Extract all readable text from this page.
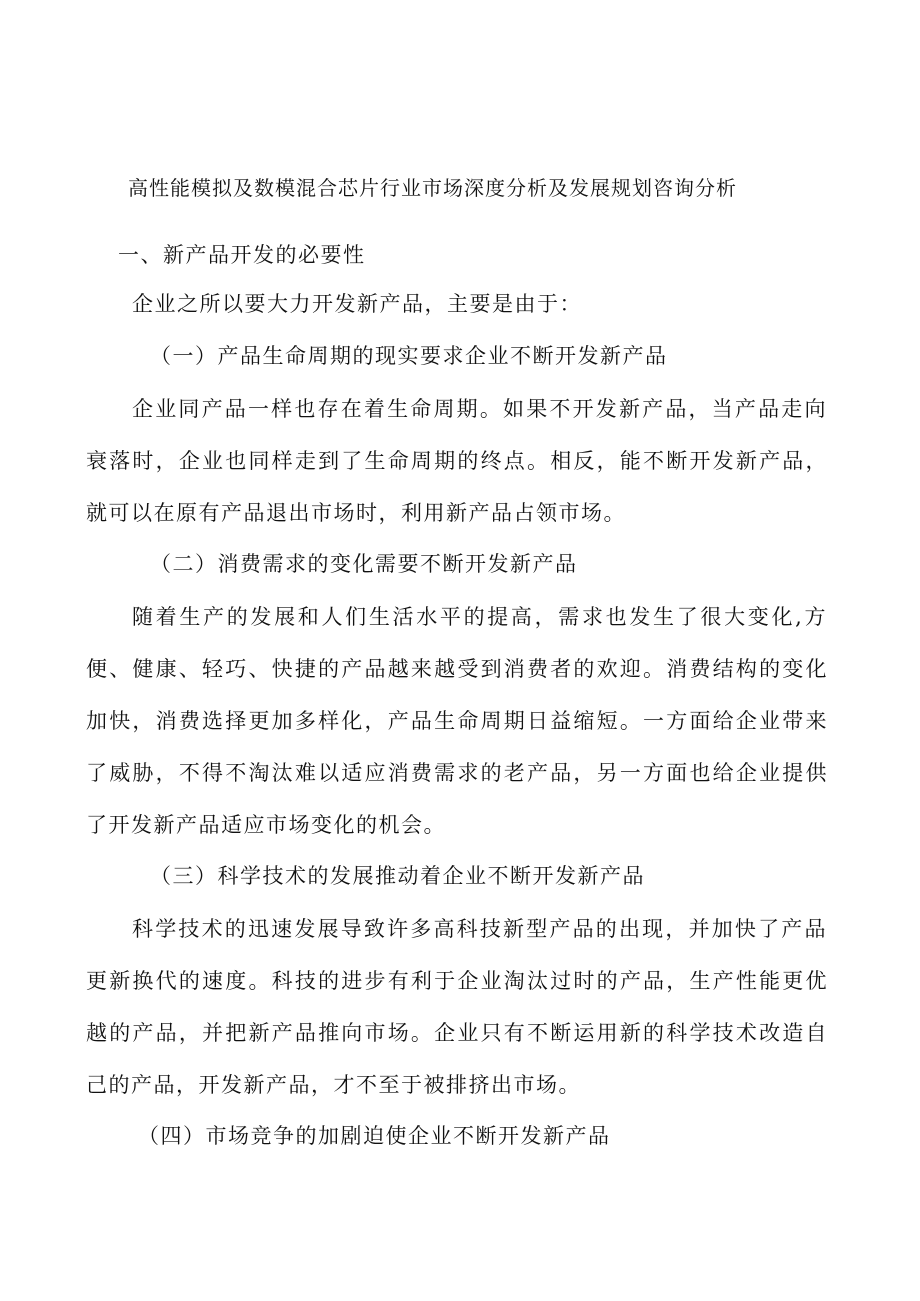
高性能模拟及数模混合芯片行业市场深度分析及发展规划咨询分析
一、新产品开发的必要性
企业之所以要大力开发新产品，主要是由于：
（一）产品生命周期的现实要求企业不断开发新产品
企业同产品一样也存在着生命周期。如果不开发新产品，当产品走向
衰落时，企业也同样走到了生命周期的终点。相反，能不断开发新产品，
就可以在原有产品退出市场时，利用新产品占领市场。
（二）消费需求的变化需要不断开发新产品
随着生产的发展和人们生活水平的提高，需求也发生了很大变化,方
便、健康、轻巧、快捷的产品越来越受到消费者的欢迎。消费结构的变化
加快，消费选择更加多样化，产品生命周期日益缩短。一方面给企业带来
了威胁，不得不淘汰难以适应消费需求的老产品，另一方面也给企业提供
了开发新产品适应市场变化的机会。
（三）科学技术的发展推动着企业不断开发新产品
科学技术的迅速发展导致许多高科技新型产品的出现，并加快了产品
更新换代的速度。科技的进步有利于企业淘汰过时的产品，生产性能更优
越的产品，并把新产品推向市场。企业只有不断运用新的科学技术改造自
己的产品，开发新产品，才不至于被排挤出市场。
（四）市场竞争的加剧迫使企业不断开发新产品
